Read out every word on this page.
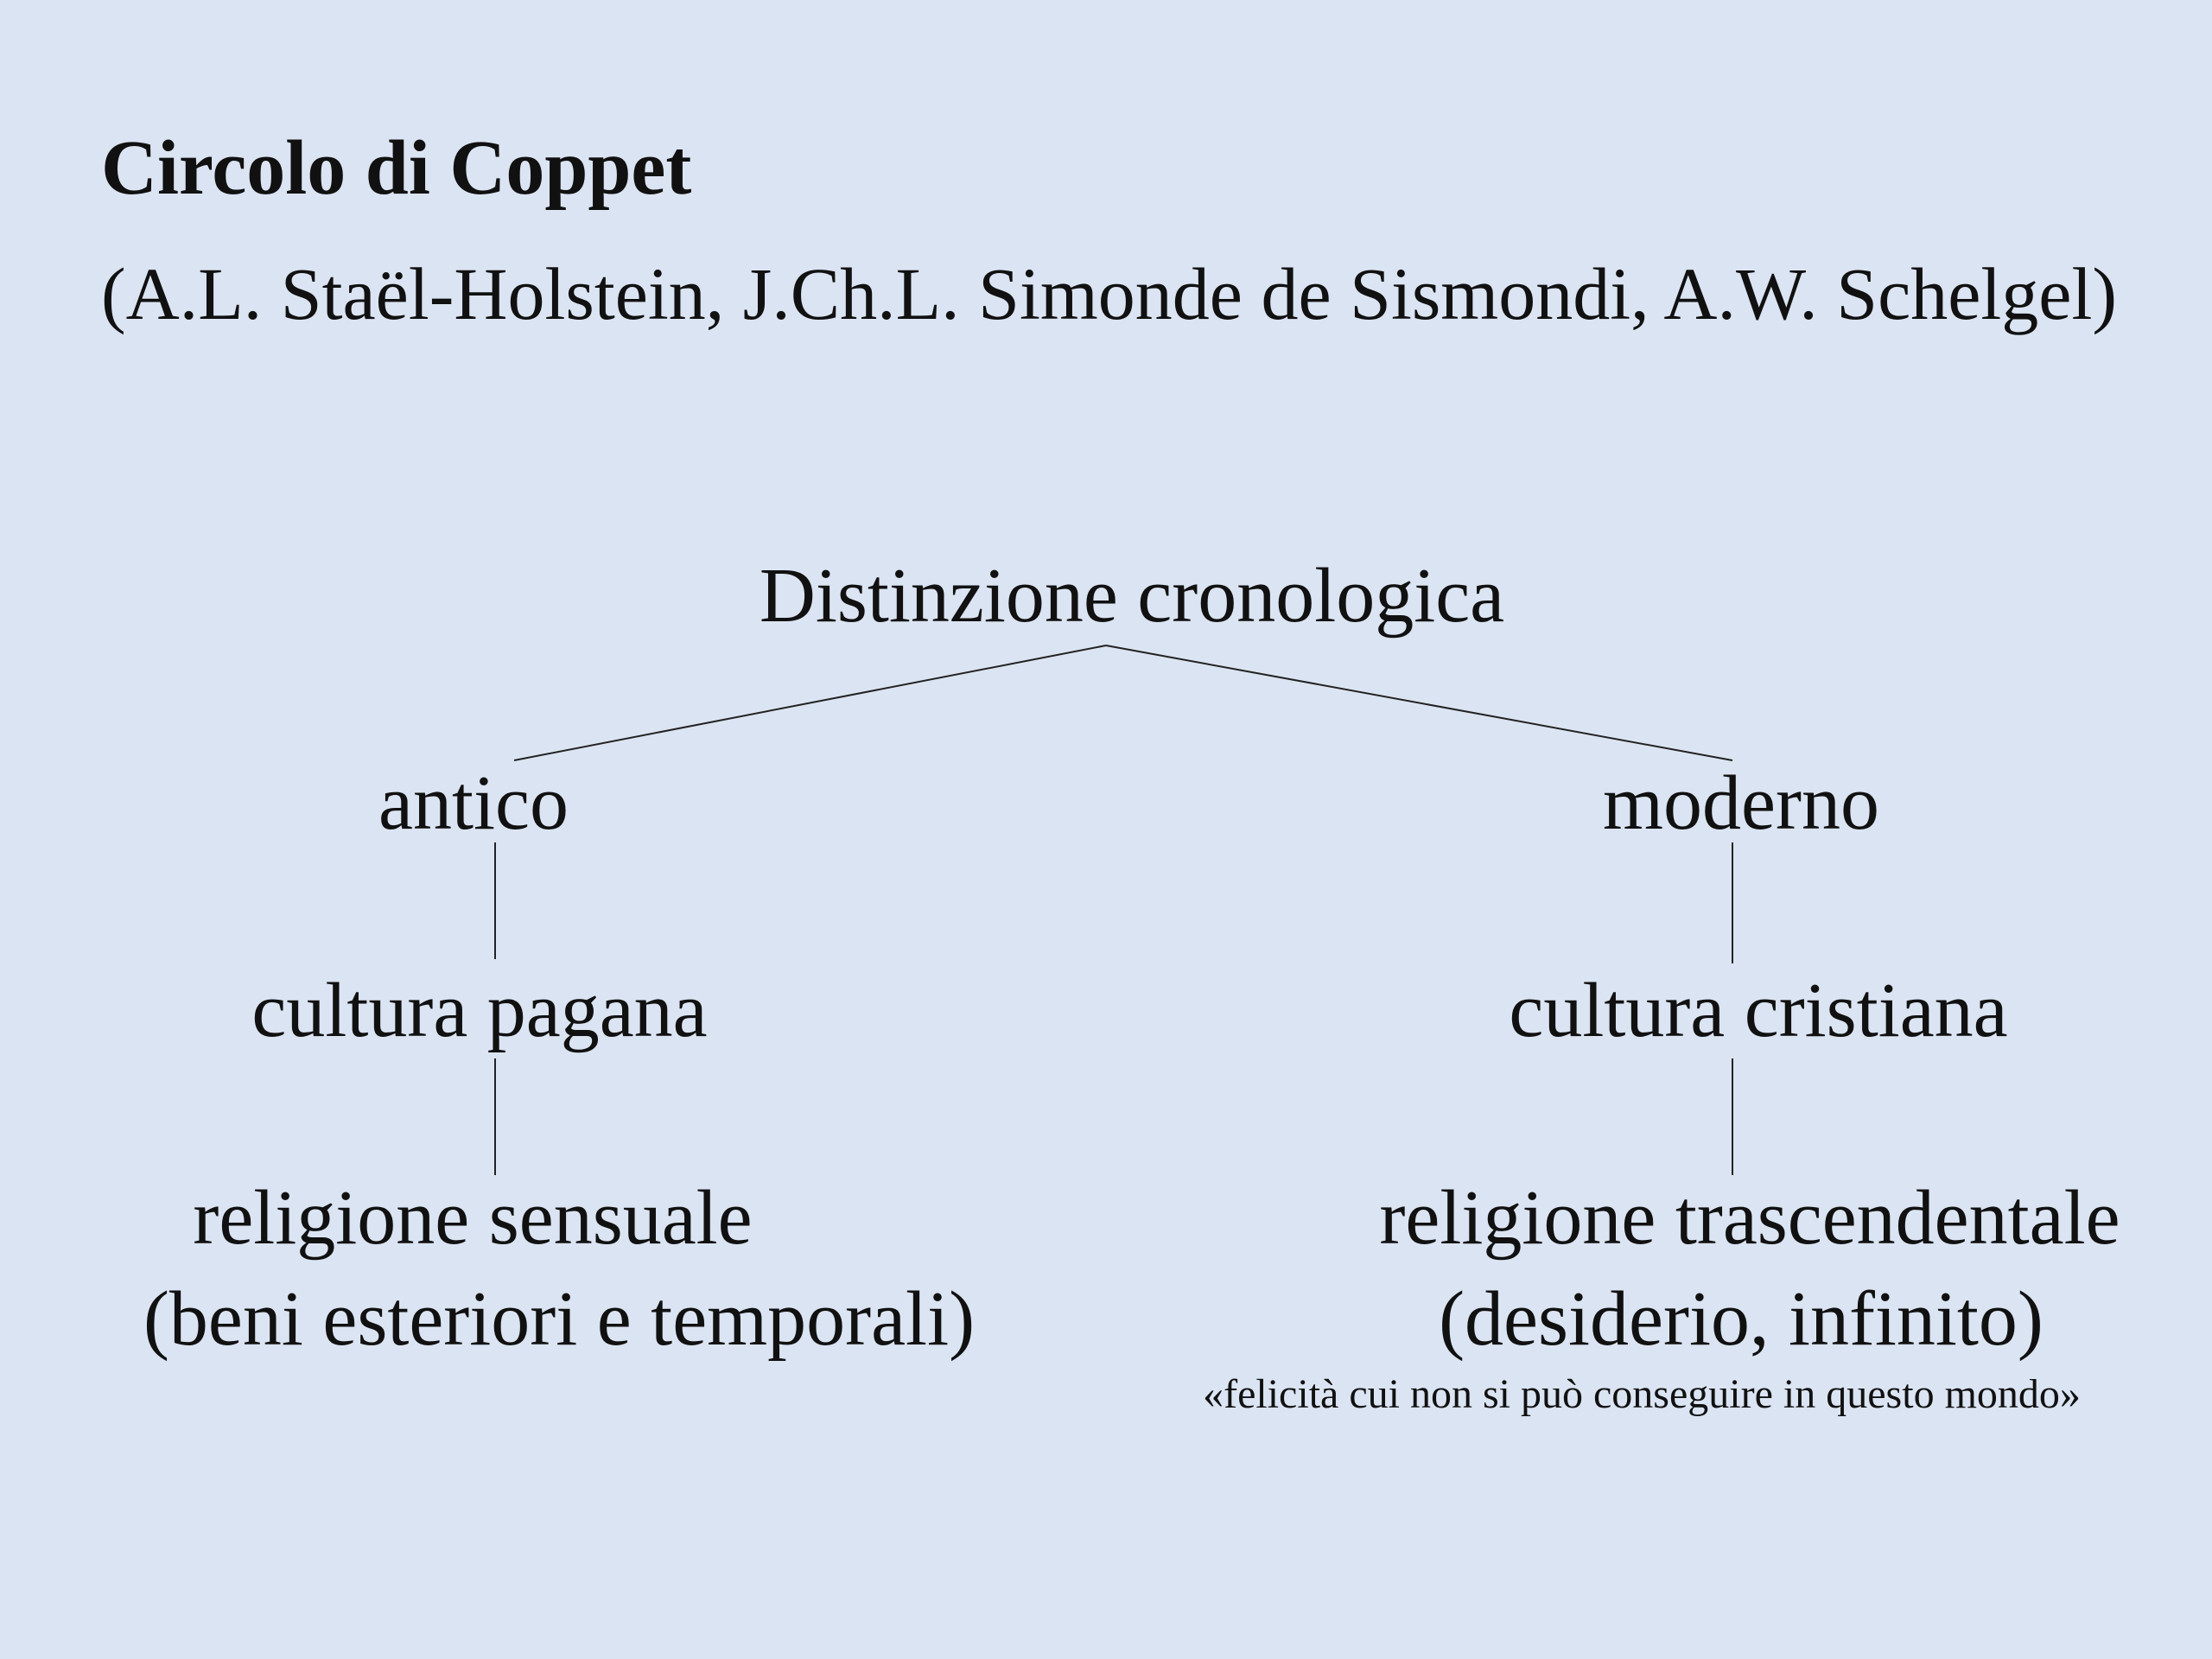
Circolo di Coppet
(A.L. Staël-Holstein, J.Ch.L. Simonde de Sismondi, A.W. Schelgel)
Distinzione cronologica
antico	moderno
cultura pagana	cultura cristiana
religione sensuale	religione trascendentale
(beni esteriori e temporali)	(desiderio, infinito)
«felicità cui non si può conseguire in questo mondo»
